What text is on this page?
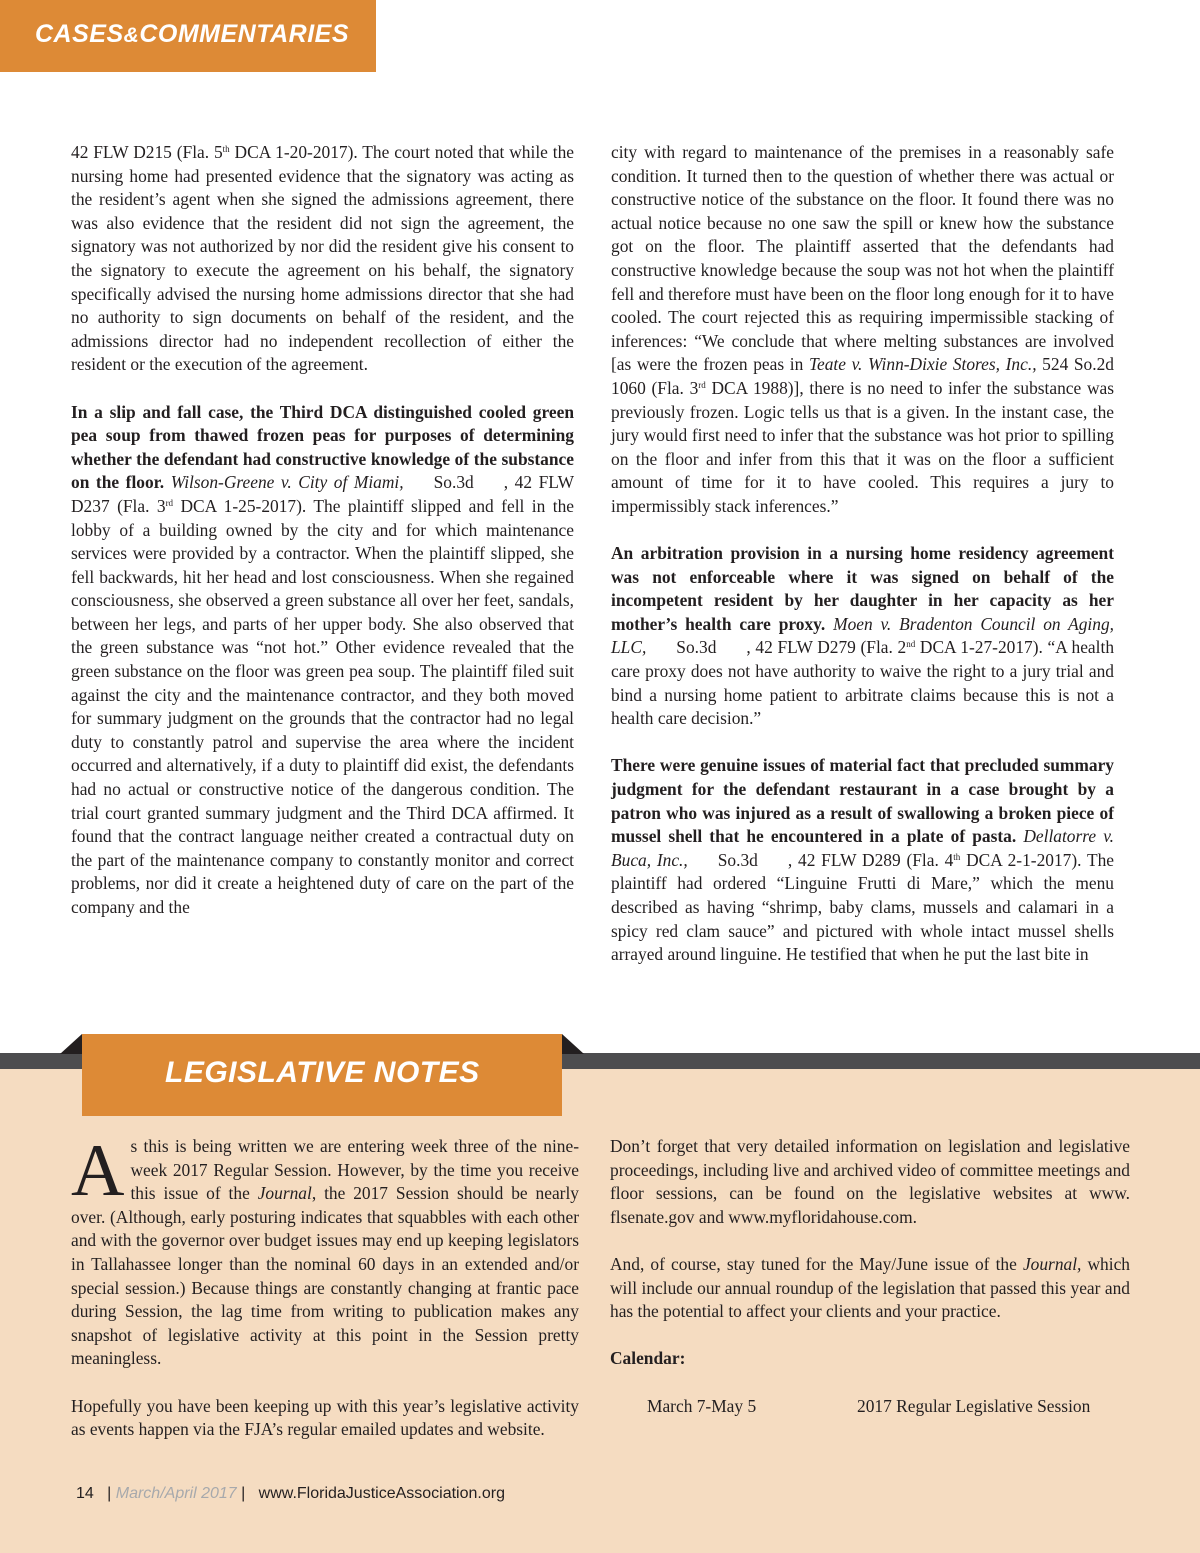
CASES&COMMENTARIES

42 FLW D215 (Fla. 5th DCA 1-20-2017). The court noted that while the nursing home had presented evidence that the signatory was acting as the resident’s agent when she signed the admissions agreement, there was also evidence that the resident did not sign the agreement, the signatory was not authorized by nor did the resident give his consent to the signatory to execute the agreement on his behalf, the signatory specifically advised the nursing home admissions director that she had no authority to sign documents on behalf of the resident, and the admissions director had no independent recollection of either the resident or the execution of the agreement.

In a slip and fall case, the Third DCA distinguished cooled green pea soup from thawed frozen peas for purposes of determining whether the defendant had constructive knowledge of the substance on the floor. Wilson-Greene v. City of Miami, So.3d , 42 FLW D237 (Fla. 3rd DCA 1-25-2017). The plaintiff slipped and fell in the lobby of a building owned by the city and for which maintenance services were provided by a contractor. When the plaintiff slipped, she fell backwards, hit her head and lost consciousness. When she regained consciousness, she observed a green substance all over her feet, sandals, between her legs, and parts of her upper body. She also observed that the green substance was “not hot.” Other evidence revealed that the green substance on the floor was green pea soup. The plaintiff filed suit against the city and the maintenance contractor, and they both moved for summary judgment on the grounds that the contractor had no legal duty to constantly patrol and supervise the area where the incident occurred and alternatively, if a duty to plaintiff did exist, the defendants had no actual or constructive notice of the dangerous condition. The trial court granted summary judgment and the Third DCA affirmed. It found that the contract language neither created a contractual duty on the part of the maintenance company to constantly monitor and correct problems, nor did it create a heightened duty of care on the part of the company and the

city with regard to maintenance of the premises in a reasonably safe condition. It turned then to the question of whether there was actual or constructive notice of the substance on the floor. It found there was no actual notice because no one saw the spill or knew how the substance got on the floor. The plaintiff asserted that the defendants had constructive knowledge because the soup was not hot when the plaintiff fell and therefore must have been on the floor long enough for it to have cooled. The court rejected this as requiring impermissible stacking of inferences: “We conclude that where melting substances are involved [as were the frozen peas in Teate v. Winn-Dixie Stores, Inc., 524 So.2d 1060 (Fla. 3rd DCA 1988)], there is no need to infer the substance was previously frozen. Logic tells us that is a given. In the instant case, the jury would first need to infer that the substance was hot prior to spilling on the floor and infer from this that it was on the floor a sufficient amount of time for it to have cooled. This requires a jury to impermissibly stack inferences.”

An arbitration provision in a nursing home residency agreement was not enforceable where it was signed on behalf of the incompetent resident by her daughter in her capacity as her mother’s health care proxy. Moen v. Bradenton Council on Aging, LLC, So.3d , 42 FLW D279 (Fla. 2nd DCA 1-27-2017). “A health care proxy does not have authority to waive the right to a jury trial and bind a nursing home patient to arbitrate claims because this is not a health care decision.”

There were genuine issues of material fact that precluded summary judgment for the defendant restaurant in a case brought by a patron who was injured as a result of swallowing a broken piece of mussel shell that he encountered in a plate of pasta. Dellatorre v. Buca, Inc., So.3d , 42 FLW D289 (Fla. 4th DCA 2-1-2017). The plaintiff had ordered “Linguine Frutti di Mare,” which the menu described as having “shrimp, baby clams, mussels and calamari in a spicy red clam sauce” and pictured with whole intact mussel shells arrayed around linguine. He testified that when he put the last bite in

LEGISLATIVE NOTES

As this is being written we are entering week three of the nine-week 2017 Regular Session. However, by the time you receive this issue of the Journal, the 2017 Session should be nearly over. (Although, early posturing indicates that squabbles with each other and with the governor over budget issues may end up keeping legislators in Tallahassee longer than the nominal 60 days in an extended and/or special session.) Because things are constantly changing at frantic pace during Session, the lag time from writing to publication makes any snapshot of legislative activity at this point in the Session pretty meaningless.

Hopefully you have been keeping up with this year’s legislative activity as events happen via the FJA’s regular emailed updates and website.

Don’t forget that very detailed information on legislation and legislative proceedings, including live and archived video of committee meetings and floor sessions, can be found on the legislative websites at www. flsenate.gov and www.myfloridahouse.com.

And, of course, stay tuned for the May/June issue of the Journal, which will include our annual roundup of the legislation that passed this year and has the potential to affect your clients and your practice.

Calendar:

March 7-May 5	2017 Regular Legislative Session
14 | March/April 2017 | www.FloridaJusticeAssociation.org
